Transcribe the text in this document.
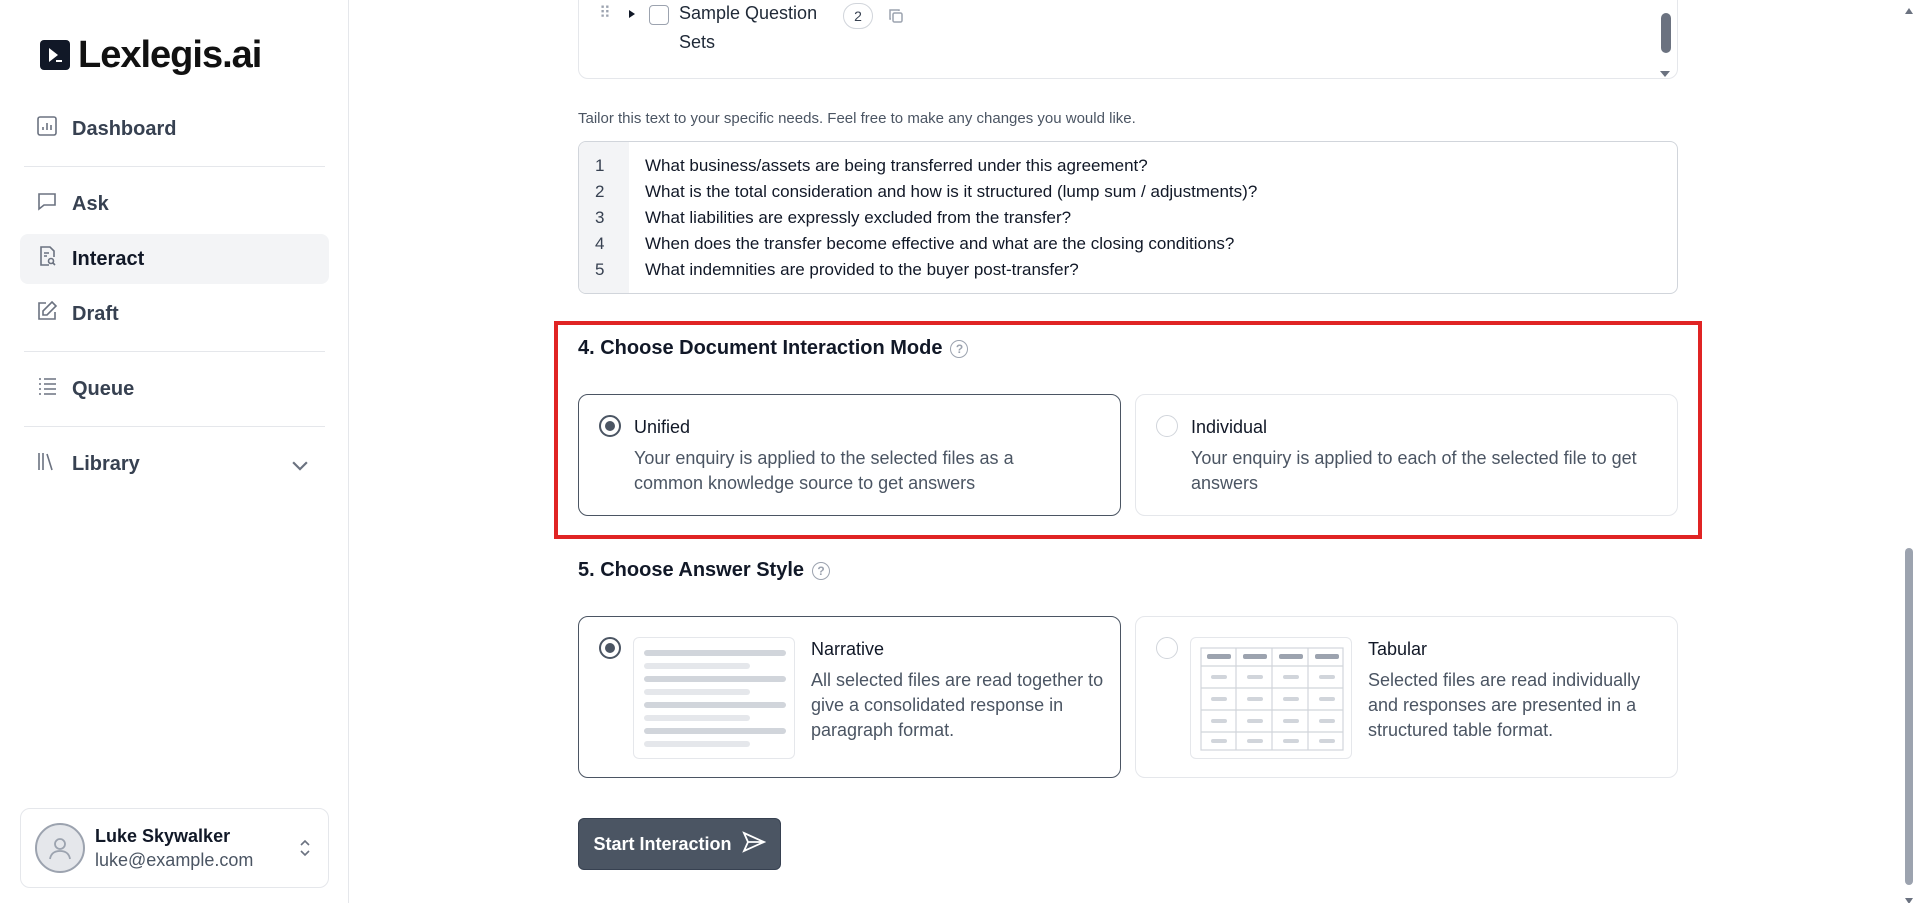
Lexlegis.ai
Dashboard
Ask
Interact
Draft
Queue
Library
Luke Skywalker
luke@example.com
⠿	Sample Question Sets
2
Tailor this text to your specific needs. Feel free to make any changes you would like.
1	What business/assets are being transferred under this agreement?
2	What is the total consideration and how is it structured (lump sum / adjustments)?
3	What liabilities are expressly excluded from the transfer?
4	When does the transfer become effective and what are the closing conditions?
5	What indemnities are provided to the buyer post-transfer?
4. Choose Document Interaction Mode	?
Unified
Your enquiry is applied to the selected files as a common knowledge source to get answers
Individual
Your enquiry is applied to each of the selected file to get answers
5. Choose Answer Style	?
Narrative
All selected files are read together to give a consolidated response in paragraph format.
Tabular
Selected files are read individually and responses are presented in a structured table format.
Start Interaction
